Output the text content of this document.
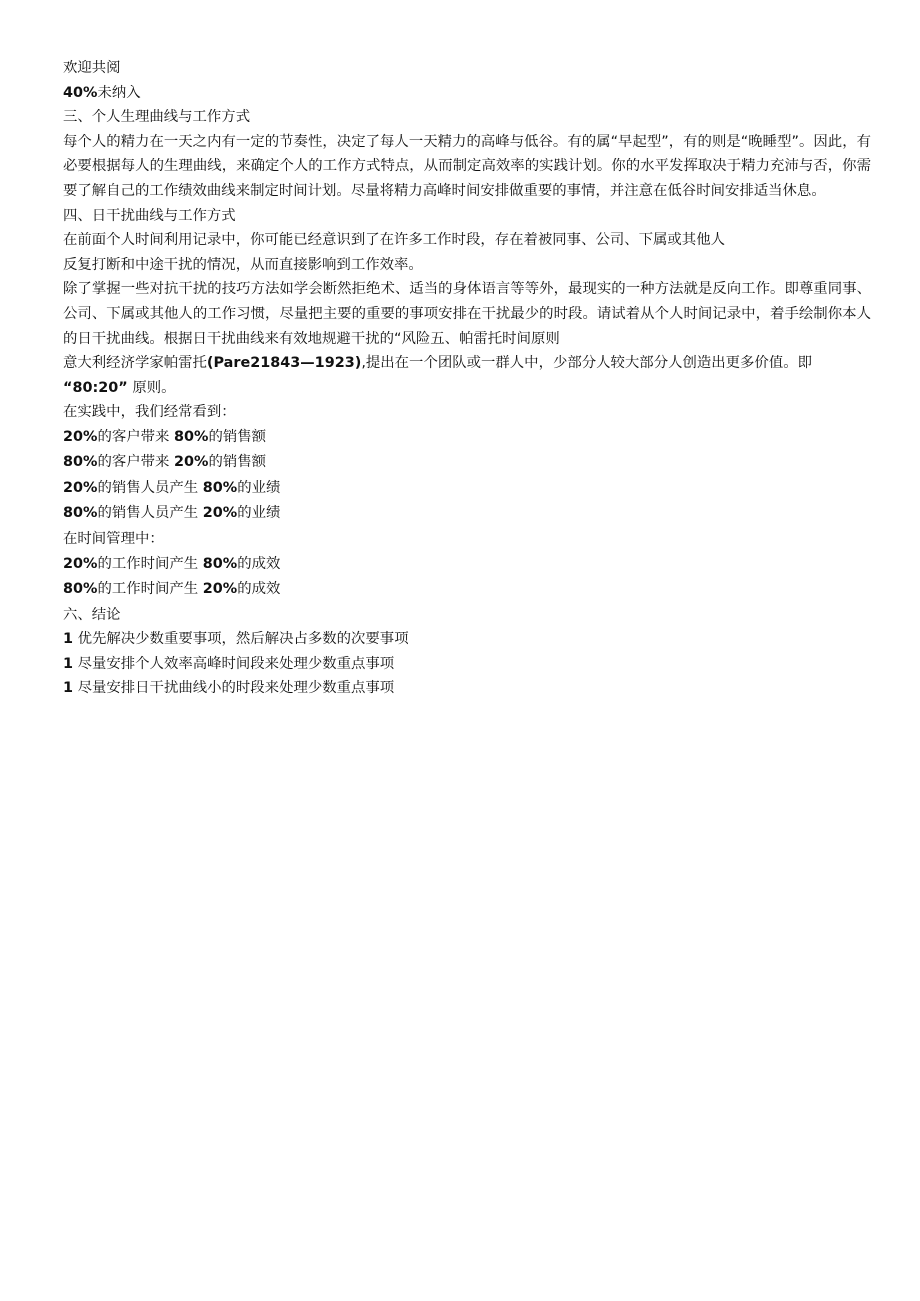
欢迎共阅

40%未纳入

三、个人生理曲线与工作方式

每个人的精力在一天之内有一定的节奏性，决定了每人一天精力的高峰与低谷。有的属“早起型”，有的则是“晚睡型”。因此，有必要根据每人的生理曲线，来确定个人的工作方式特点，从而制定高效率的实践计划。你的水平发挥取决于精力充沛与否，你需要了解自己的工作绩效曲线来制定时间计划。尽量将精力高峰时间安排做重要的事情，并注意在低谷时间安排适当休息。

四、日干扰曲线与工作方式

在前面个人时间利用记录中，你可能已经意识到了在许多工作时段，存在着被同事、公司、下属或其他人

反复打断和中途干扰的情况，从而直接影响到工作效率。

除了掌握一些对抗干扰的技巧方法如学会断然拒绝术、适当的身体语言等等外，最现实的一种方法就是反向工作。即尊重同事、公司、下属或其他人的工作习惯，尽量把主要的重要的事项安排在干扰最少的时段。请试着从个人时间记录中，着手绘制你本人的日干扰曲线。根据日干扰曲线来有效地规避干扰的“风险五、帕雷托时间原则

意大利经济学家帕雷托(Pare21843—1923),提出在一个团队或一群人中，少部分人较大部分人创造出更多价值。即

“80:20” 原则。

在实践中，我们经常看到：

20%的客户带来 80%的销售额

80%的客户带来 20%的销售额

20%的销售人员产生 80%的业绩

80%的销售人员产生 20%的业绩

在时间管理中：

20%的工作时间产生 80%的成效

80%的工作时间产生 20%的成效

六、结论

1 优先解决少数重要事项，然后解决占多数的次要事项

1 尽量安排个人效率高峰时间段来处理少数重点事项

1 尽量安排日干扰曲线小的时段来处理少数重点事项
